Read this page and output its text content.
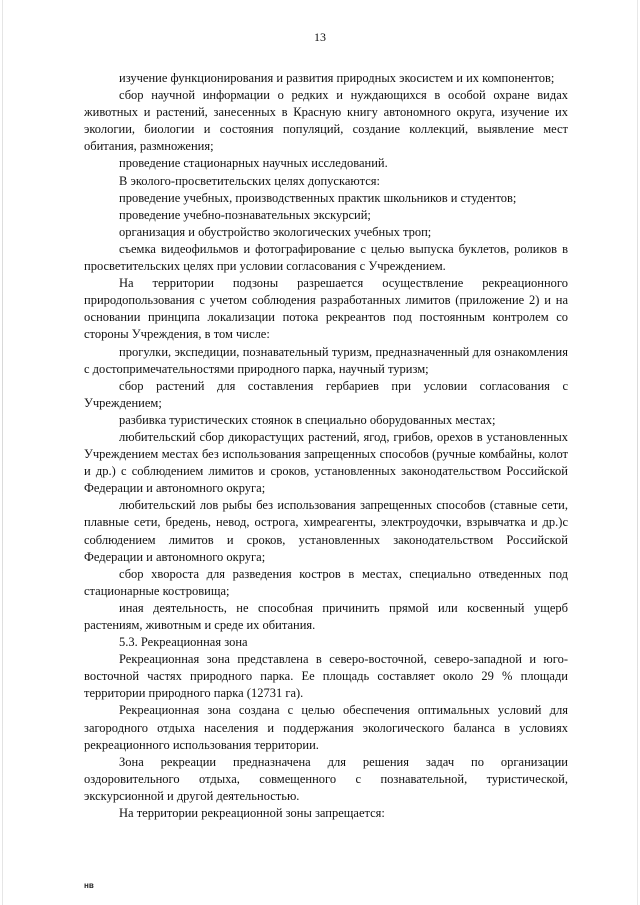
13

изучение функционирования и развития природных экосистем и их компонентов;

сбор научной информации о редких и нуждающихся в особой охране видах животных и растений, занесенных в Красную книгу автономного округа, изучение их экологии, биологии и состояния популяций, создание коллекций, выявление мест обитания, размножения;

проведение стационарных научных исследований.

В эколого-просветительских целях допускаются:

проведение учебных, производственных практик школьников и студентов;

проведение учебно-познавательных экскурсий;

организация и обустройство экологических учебных троп;

съемка видеофильмов и фотографирование с целью выпуска буклетов, роликов в просветительских целях при условии согласования с Учреждением.

На территории подзоны разрешается осуществление рекреационного природопользования с учетом соблюдения разработанных лимитов (приложение 2) и на основании принципа локализации потока рекреантов под постоянным контролем со стороны Учреждения, в том числе:

прогулки, экспедиции, познавательный туризм, предназначенный для ознакомления с достопримечательностями природного парка, научный туризм;

сбор растений для составления гербариев при условии согласования с Учреждением;

разбивка туристических стоянок в специально оборудованных местах;

любительский сбор дикорастущих растений, ягод, грибов, орехов в установленных Учреждением местах без использования запрещенных способов (ручные комбайны, колот и др.) с соблюдением лимитов и сроков, установленных законодательством Российской Федерации и автономного округа;

любительский лов рыбы без использования запрещенных способов (ставные сети, плавные сети, бредень, невод, острога, химреагенты, электроудочки, взрывчатка и др.)с соблюдением лимитов и сроков, установленных законодательством Российской Федерации и автономного округа;

сбор хвороста для разведения костров в местах, специально отведенных под стационарные костровища;

иная деятельность, не способная причинить прямой или косвенный ущерб растениям, животным и среде их обитания.

5.3. Рекреационная зона

Рекреационная зона представлена в северо-восточной, северо-западной и юго-восточной частях природного парка. Ее площадь составляет около 29 % площади территории природного парка (12731 га).

Рекреационная зона создана с целью обеспечения оптимальных условий для загородного отдыха населения и поддержания экологического баланса в условиях рекреационного использования территории.

Зона рекреации предназначена для решения задач по организации оздоровительного отдыха, совмещенного с познавательной, туристической, экскурсионной и другой деятельностью.

На территории рекреационной зоны запрещается:

нв
